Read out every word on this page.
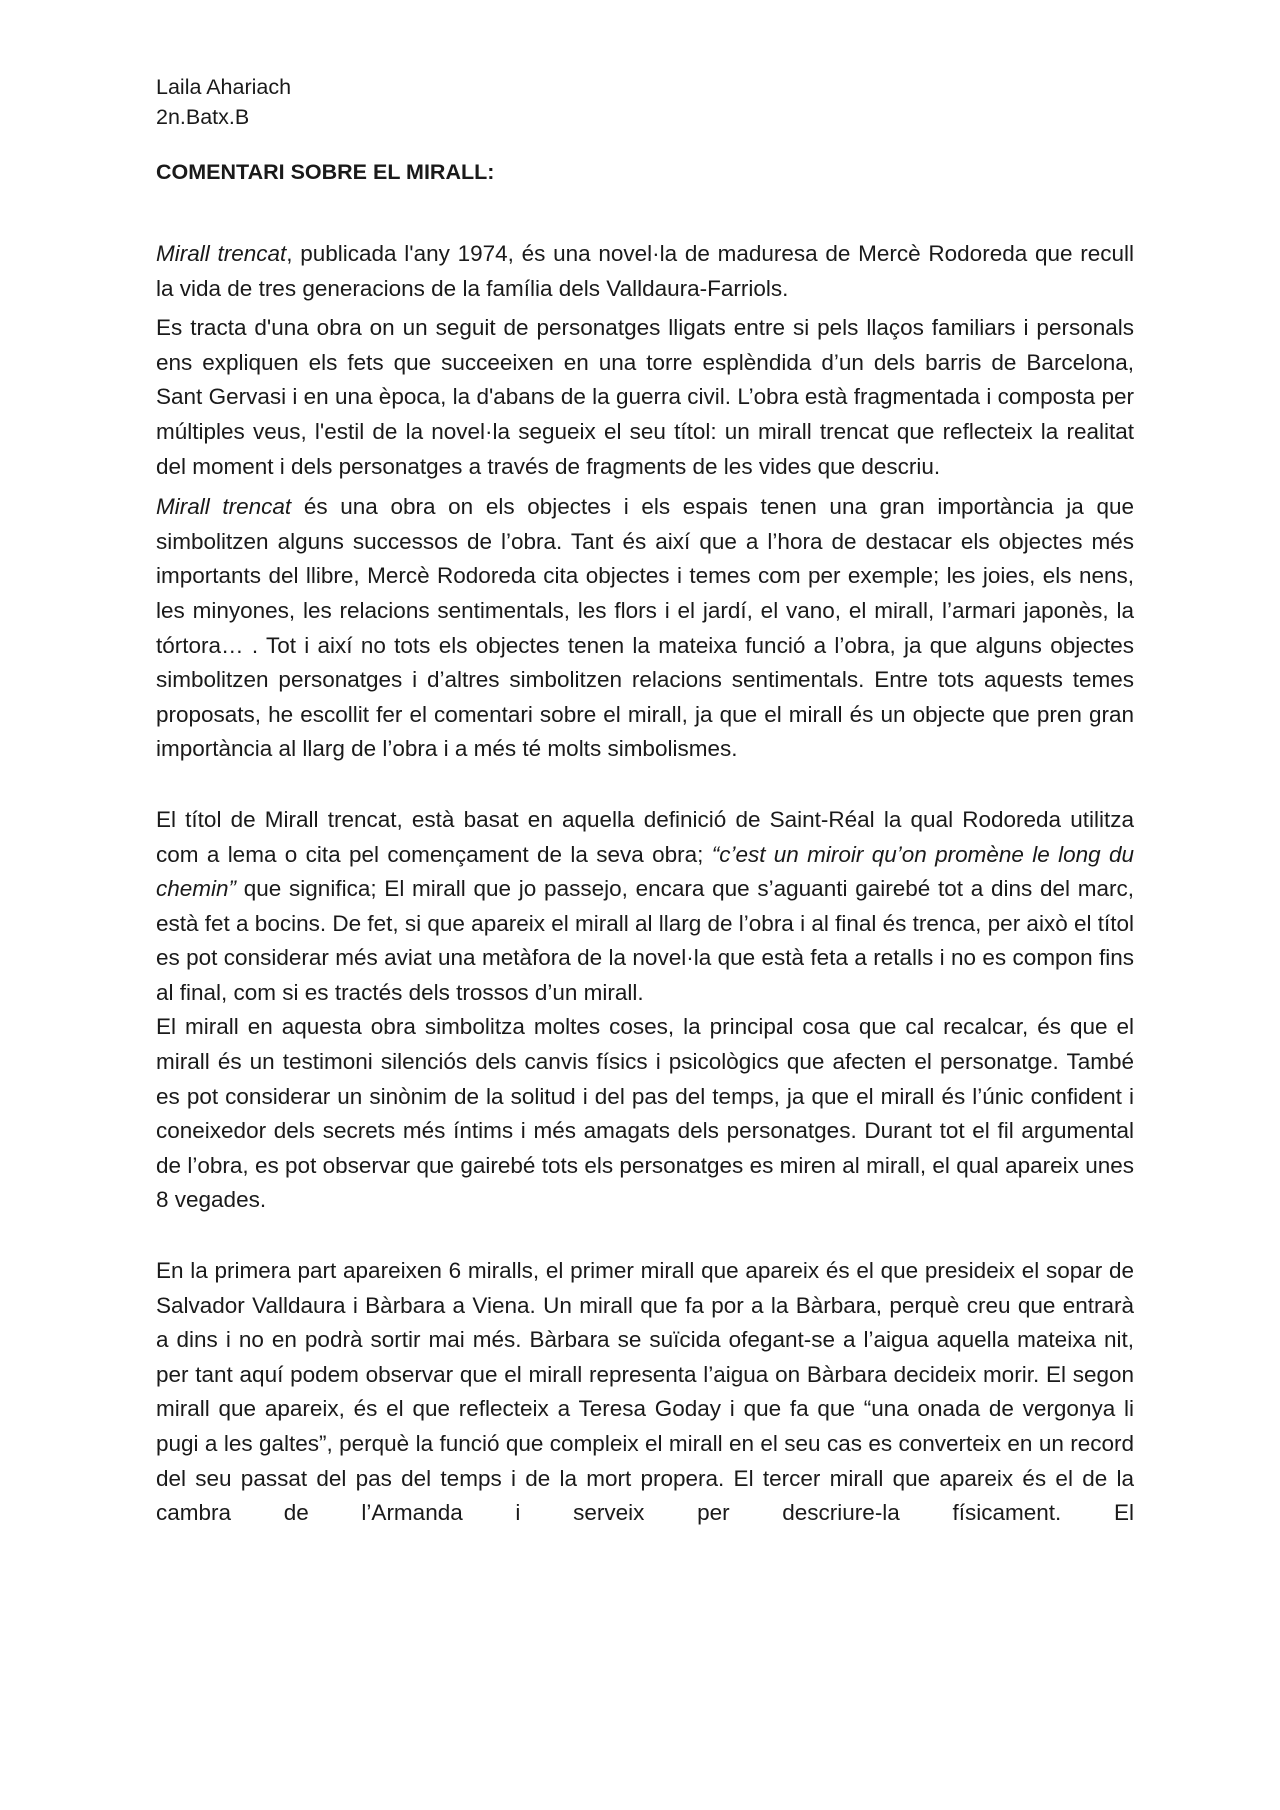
Laila Ahariach

2n.Batx.B

COMENTARI SOBRE EL MIRALL:

Mirall trencat, publicada l'any 1974, és una novel·la de maduresa de Mercè Rodoreda que recull la vida de tres generacions de la família dels Valldaura-Farriols.

Es tracta d'una obra on un seguit de personatges lligats entre si pels llaços familiars i personals ens expliquen els fets que succeeixen en una torre esplèndida d’un dels barris de Barcelona, Sant Gervasi i en una època, la d'abans de la guerra civil. L’obra està fragmentada i composta per múltiples veus, l'estil de la novel·la segueix el seu títol: un mirall trencat que reflecteix la realitat del moment i dels personatges a través de fragments de les vides que descriu.

Mirall trencat és una obra on els objectes i els espais tenen una gran importància ja que simbolitzen alguns successos de l’obra. Tant és així que a l’hora de destacar els objectes més importants del llibre, Mercè Rodoreda cita objectes i temes com per exemple; les joies, els nens, les minyones, les relacions sentimentals, les flors i el jardí, el vano, el mirall, l’armari japonès, la tórtora… . Tot i així no tots els objectes tenen la mateixa funció a l’obra, ja que alguns objectes simbolitzen personatges i d’altres simbolitzen relacions sentimentals. Entre tots aquests temes proposats, he escollit fer el comentari sobre el mirall, ja que el mirall és un objecte que pren gran importància al llarg de l’obra i a més té molts simbolismes.

El títol de Mirall trencat, està basat en aquella definició de Saint-Réal la qual Rodoreda utilitza com a lema o cita pel començament de la seva obra; “c’est un miroir qu’on promène le long du chemin” que significa; El mirall que jo passejo, encara que s’aguanti gairebé tot a dins del marc, està fet a bocins. De fet, si que apareix el mirall al llarg de l’obra i al final és trenca, per això el títol es pot considerar més aviat una metàfora de la novel·la que està feta a retalls i no es compon fins al final, com si es tractés dels trossos d’un mirall.

El mirall en aquesta obra simbolitza moltes coses, la principal cosa que cal recalcar, és que el mirall és un testimoni silenciós dels canvis físics i psicològics que afecten el personatge. També es pot considerar un sinònim de la solitud i del pas del temps, ja que el mirall és l’únic confident i coneixedor dels secrets més íntims i més amagats dels personatges. Durant tot el fil argumental de l’obra, es pot observar que gairebé tots els personatges es miren al mirall, el qual apareix unes 8 vegades.

En la primera part apareixen 6 miralls, el primer mirall que apareix és el que presideix el sopar de Salvador Valldaura i Bàrbara a Viena. Un mirall que fa por a la Bàrbara, perquè creu que entrarà a dins i no en podrà sortir mai més. Bàrbara se suïcida ofegant-se a l’aigua aquella mateixa nit, per tant aquí podem observar que el mirall representa l’aigua on Bàrbara decideix morir. El segon mirall que apareix, és el que reflecteix a Teresa Goday i que fa que “una onada de vergonya li pugi a les galtes”, perquè la funció que compleix el mirall en el seu cas es converteix en un record del seu passat del pas del temps i de la mort propera. El tercer mirall que apareix és el de la cambra de l’Armanda i serveix per descriure-la físicament. El
